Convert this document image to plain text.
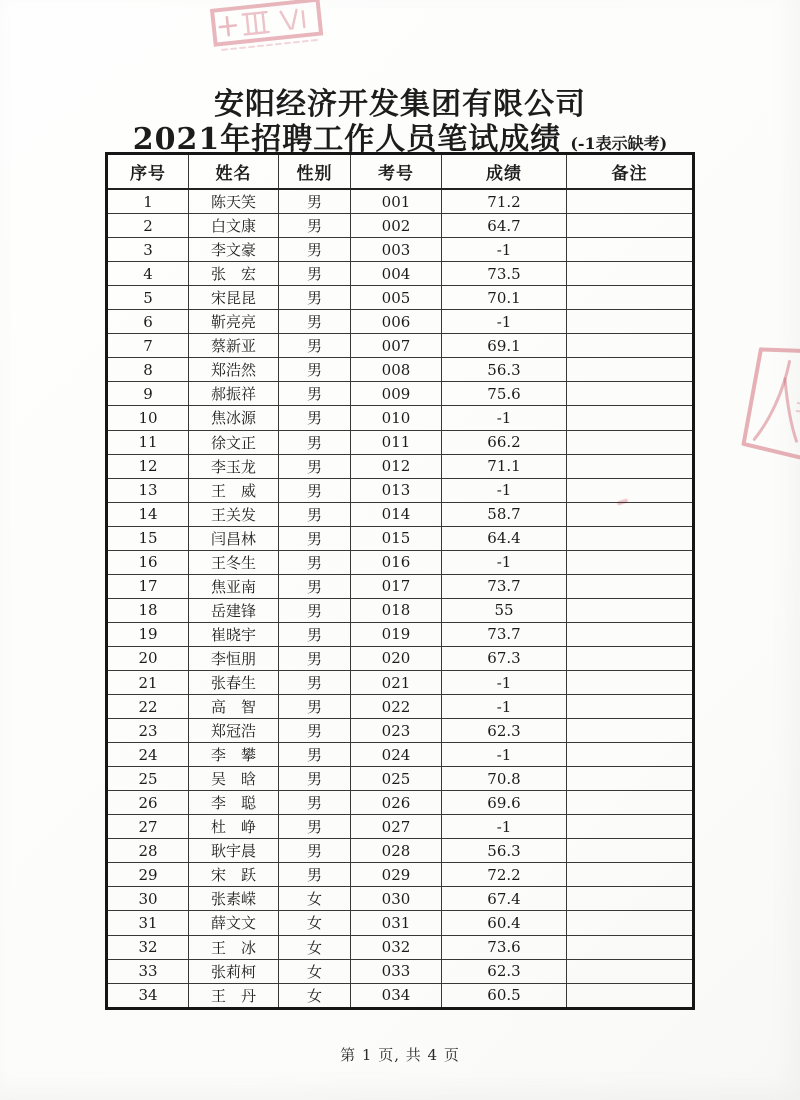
安阳经济开发集团有限公司
2021年招聘工作人员笔试成绩 (-1表示缺考)
序号	姓名	性别	考号	成绩	备注
1	陈天笑	男	001	71.2	
2	白文康	男	002	64.7	
3	李文豪	男	003	-1	
4	张　宏	男	004	73.5	
5	宋昆昆	男	005	70.1	
6	靳亮亮	男	006	-1	
7	蔡新亚	男	007	69.1	
8	郑浩然	男	008	56.3	
9	郝振祥	男	009	75.6	
10	焦冰源	男	010	-1	
11	徐文正	男	011	66.2	
12	李玉龙	男	012	71.1	
13	王　威	男	013	-1	
14	王关发	男	014	58.7	
15	闫昌林	男	015	64.4	
16	王冬生	男	016	-1	
17	焦亚南	男	017	73.7	
18	岳建锋	男	018	55	
19	崔晓宇	男	019	73.7	
20	李恒朋	男	020	67.3	
21	张春生	男	021	-1	
22	高　智	男	022	-1	
23	郑冠浩	男	023	62.3	
24	李　攀	男	024	-1	
25	吴　晗	男	025	70.8	
26	李　聪	男	026	69.6	
27	杜　峥	男	027	-1	
28	耿宇晨	男	028	56.3	
29	宋　跃	男	029	72.2	
30	张素嵘	女	030	67.4	
31	薛文文	女	031	60.4	
32	王　冰	女	032	73.6	
33	张莉柯	女	033	62.3	
34	王　丹	女	034	60.5	
第 1 页, 共 4 页
